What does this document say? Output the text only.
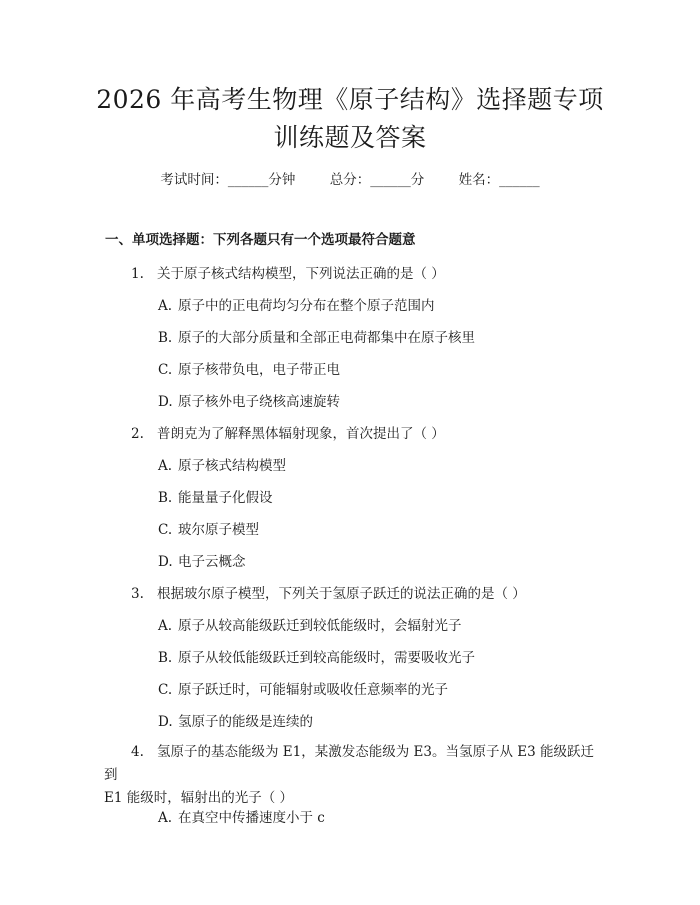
2026 年高考生物理《原子结构》选择题专项
训练题及答案
考试时间：______分钟	总分：______分	姓名：______
一、单项选择题：下列各题只有一个选项最符合题意
1. 关于原子核式结构模型，下列说法正确的是（ ）
A. 原子中的正电荷均匀分布在整个原子范围内
B. 原子的大部分质量和全部正电荷都集中在原子核里
C. 原子核带负电，电子带正电
D. 原子核外电子绕核高速旋转
2. 普朗克为了解释黑体辐射现象，首次提出了（ ）
A. 原子核式结构模型
B. 能量量子化假设
C. 玻尔原子模型
D. 电子云概念
3. 根据玻尔原子模型，下列关于氢原子跃迁的说法正确的是（ ）
A. 原子从较高能级跃迁到较低能级时，会辐射光子
B. 原子从较低能级跃迁到较高能级时，需要吸收光子
C. 原子跃迁时，可能辐射或吸收任意频率的光子
D. 氢原子的能级是连续的
4. 氢原子的基态能级为 E1，某激发态能级为 E3。当氢原子从 E3 能级跃迁到
E1 能级时，辐射出的光子（ ）
A. 在真空中传播速度小于 c
